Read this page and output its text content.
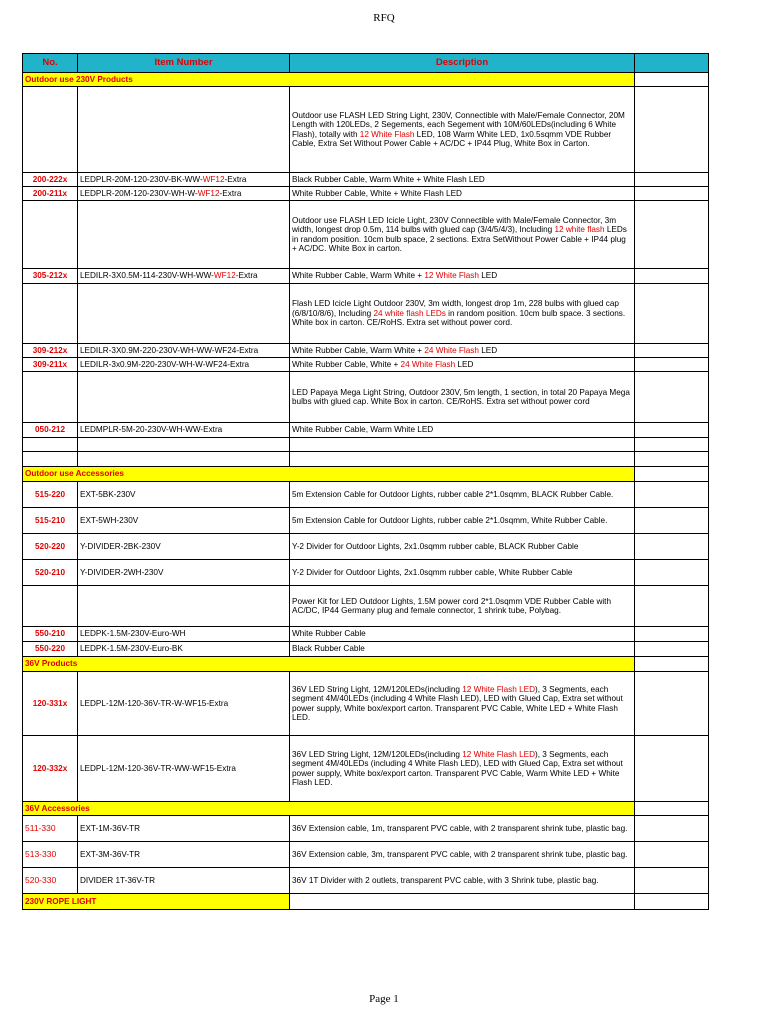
RFQ
No.	Item Number	Description	
Outdoor use 230V Products			
		Outdoor use FLASH LED String Light, 230V, Connectible with Male/Female Connector, 20M Length with 120LEDs, 2 Segements, each Segement with 10M/60LEDs(including 6 White Flash), totally with 12 White Flash LED, 108 Warm White LED, 1x0.5sqmm VDE Rubber Cable, Extra Set Without Power Cable + AC/DC + IP44 Plug, White Box in Carton.	
200-222x	LEDPLR-20M-120-230V-BK-WW-WF12-Extra	Black Rubber Cable, Warm White + White Flash LED	
200-211x	LEDPLR-20M-120-230V-WH-W-WF12-Extra	White Rubber Cable, White + White Flash LED	
		Outdoor use FLASH LED Icicle Light, 230V Connectible with Male/Female Connector, 3m width, longest drop 0.5m, 114 bulbs with glued cap (3/4/5/4/3), Including 12 white flash LEDs in random position. 10cm bulb space, 2 sections. Extra SetWithout Power Cable + IP44 plug + AC/DC. White Box in carton.	
305-212x	LEDILR-3X0.5M-114-230V-WH-WW-WF12-Extra	White Rubber Cable, Warm White + 12 White Flash LED	
		Flash LED Icicle Light Outdoor 230V, 3m width, longest drop 1m, 228 bulbs with glued cap (6/8/10/8/6), Including 24 white flash LEDs in random position. 10cm bulb space. 3 sections. White box in carton. CE/RoHS. Extra set without power cord.	
309-212x	LEDILR-3X0.9M-220-230V-WH-WW-WF24-Extra	White Rubber Cable, Warm White + 24 White Flash LED	
309-211x	LEDILR-3x0.9M-220-230V-WH-W-WF24-Extra	White Rubber Cable, White + 24 White Flash LED	
		LED Papaya Mega Light String, Outdoor 230V, 5m length, 1 section, in total 20 Papaya Mega bulbs with glued cap. White Box in carton. CE/RoHS. Extra set without power cord	
050-212	LEDMPLR-5M-20-230V-WH-WW-Extra	White Rubber Cable, Warm White LED	

Outdoor use Accessories			
515-220	EXT-5BK-230V	5m Extension Cable for Outdoor Lights, rubber cable 2*1.0sqmm, BLACK Rubber Cable.	
515-210	EXT-5WH-230V	5m Extension Cable for Outdoor Lights, rubber cable 2*1.0sqmm, White Rubber Cable.	
520-220	Y-DIVIDER-2BK-230V	Y-2 Divider for Outdoor Lights, 2x1.0sqmm rubber cable, BLACK Rubber Cable	
520-210	Y-DIVIDER-2WH-230V	Y-2 Divider for Outdoor Lights, 2x1.0sqmm rubber cable, White Rubber Cable	
		Power Kit for LED Outdoor Lights, 1.5M power cord 2*1.0sqmm VDE Rubber Cable with AC/DC, IP44 Germany plug and female connector, 1 shrink tube, Polybag.	
550-210	LEDPK-1.5M-230V-Euro-WH	White Rubber Cable	
550-220	LEDPK-1.5M-230V-Euro-BK	Black Rubber Cable	
36V Products			
120-331x	LEDPL-12M-120-36V-TR-W-WF15-Extra	36V LED String Light, 12M/120LEDs(including 12 White Flash LED), 3 Segments, each segment 4M/40LEDs (including 4 White Flash LED), LED with Glued Cap, Extra set without power supply, White box/export carton. Transparent PVC Cable, White LED + White Flash LED.	
120-332x	LEDPL-12M-120-36V-TR-WW-WF15-Extra	36V LED String Light, 12M/120LEDs(including 12 White Flash LED), 3 Segments, each segment 4M/40LEDs (including 4 White Flash LED), LED with Glued Cap, Extra set without power supply, White box/export carton. Transparent PVC Cable, Warm White LED + White Flash LED.	
36V Accessories			
511-330	EXT-1M-36V-TR	36V Extension cable, 1m, transparent PVC cable, with 2 transparent shrink tube, plastic bag.	
513-330	EXT-3M-36V-TR	36V Extension cable, 3m, transparent PVC cable, with 2 transparent shrink tube, plastic bag.	
520-330	DIVIDER 1T-36V-TR	36V 1T Divider with 2 outlets, transparent PVC cable, with 3 Shrink tube, plastic bag.	
230V ROPE LIGHT			
Page 1
